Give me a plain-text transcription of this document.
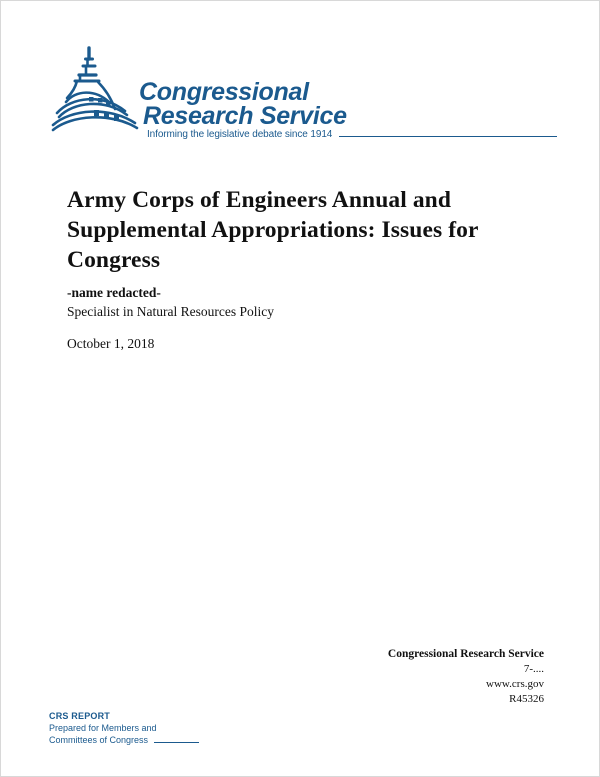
Congressional
Research Service
Informing the legislative debate since 1914
Army Corps of Engineers Annual and Supplemental Appropriations: Issues for Congress
-name redacted-
Specialist in Natural Resources Policy
October 1, 2018
Congressional Research Service
7-....
www.crs.gov
R45326
CRS REPORT
Prepared for Members and
Committees of Congress
